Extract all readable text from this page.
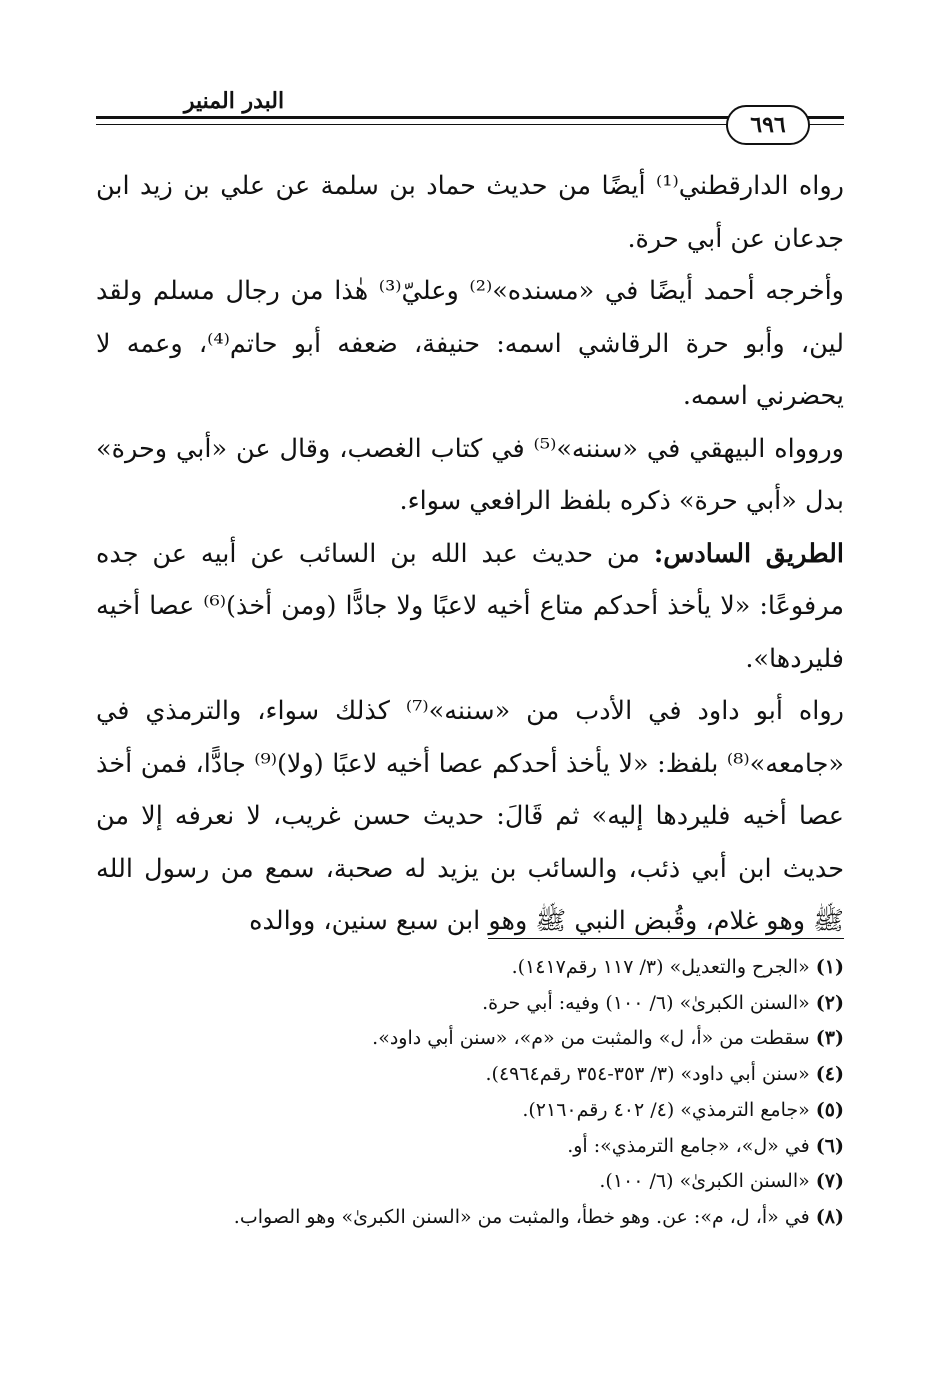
البدر المنير
٦٩٦

رواه الدارقطني⁽¹⁾ أيضًا من حديث حماد بن سلمة عن علي بن زيد ابن جدعان عن أبي حرة.

وأخرجه أحمد أيضًا في «مسنده»⁽²⁾ وعليّ⁽³⁾ هٰذا من رجال مسلم ولقد لين، وأبو حرة الرقاشي اسمه: حنيفة، ضعفه أبو حاتم⁽⁴⁾، وعمه لا يحضرني اسمه.

وروواه البيهقي في «سننه»⁽⁵⁾ في كتاب الغصب، وقال عن «أبي وحرة» بدل «أبي حرة» ذكره بلفظ الرافعي سواء.

الطريق السادس: من حديث عبد الله بن السائب عن أبيه عن جده مرفوعًا: «لا يأخذ أحدكم متاع أخيه لاعبًا ولا جادًّا (ومن أخذ)⁽⁶⁾ عصا أخيه فليردها».

رواه أبو داود في الأدب من «سننه»⁽⁷⁾ كذلك سواء، والترمذي في «جامعه»⁽⁸⁾ بلفظ: «لا يأخذ أحدكم عصا أخيه لاعبًا (ولا)⁽⁹⁾ جادًّا، فمن أخذ عصا أخيه فليردها إليه» ثم قَالَ: حديث حسن غريب، لا نعرفه إلا من حديث ابن أبي ذئب، والسائب بن يزيد له صحبة، سمع من رسول الله ﷺ وهو غلام، وقُبض النبي ﷺ وهو ابن سبع سنين، ووالده

(١) «الجرح والتعديل» (٣/ ١١٧ رقم١٤١٧).

(٢) «السنن الكبرىٰ» (٦/ ١٠٠) وفيه: أبي حرة.

(٣) سقطت من «أ، ل» والمثبت من «م»، «سنن أبي داود».

(٤) «سنن أبي داود» (٣/ ٣٥٣-٣٥٤ رقم٤٩٦٤).

(٥) «جامع الترمذي» (٤/ ٤٠٢ رقم٢١٦٠).

(٦) في «ل»، «جامع الترمذي»: أو.

(٧) «السنن الكبرىٰ» (٦/ ١٠٠).

(٨) في «أ، ل، م»: عن. وهو خطأ، والمثبت من «السنن الكبرىٰ» وهو الصواب.
